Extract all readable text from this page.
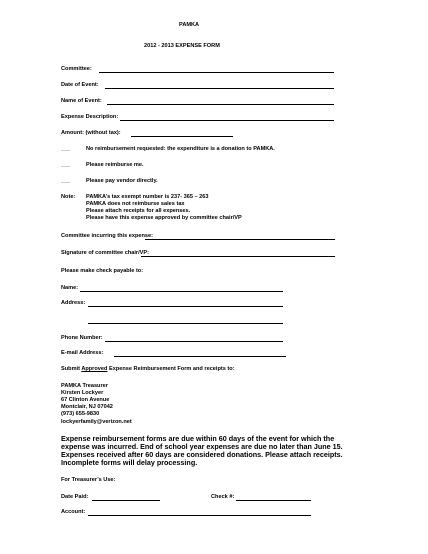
PAMKA
2012 - 2013 EXPENSE FORM
Committee:
Date of Event:
Name of Event:
Expense Description:
Amount: (without tax):
___	No reimbursement requested: the expenditure is a donation to PAMKA.
___	Please reimburse me.
___	Please pay vendor directly.
Note: PAMKA’s tax exempt number is 237- 365 – 263
PAMKA does not reimburse sales tax
Please attach receipts for all expenses.
Please have this expense approved by committee chair/VP
Committee incurring this expense:
Signature of committee chair/VP:
Please make check payable to:
Name:
Address:
Phone Number:
E-mail Address:
Submit Approved Expense Reimbursement Form and receipts to:
PAMKA Treasurer
Kirsten Lockyer
67 Clinton Avenue
Montclair, NJ 07042
(973) 655-9830
lockyerfamily@verizon.net
Expense reimbursement forms are due within 60 days of the event for which the
expense was incurred. End of school year expenses are due no later than June 15.
Expenses received after 60 days are considered donations. Please attach receipts.
Incomplete forms will delay processing.
For Treasurer’s Use:
Date Paid:	Check #:
Account:
